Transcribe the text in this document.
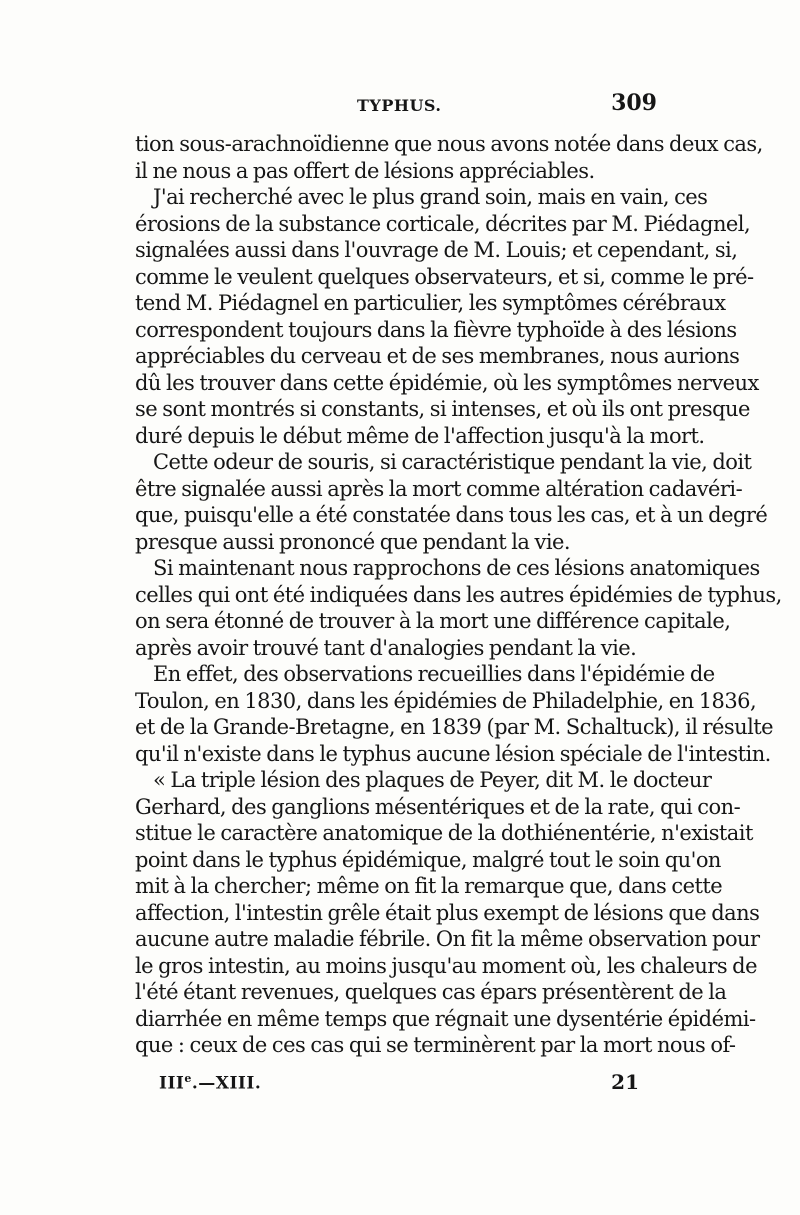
TYPHUS.	309
tion sous-arachnoïdienne que nous avons notée dans deux cas,
il ne nous a pas offert de lésions appréciables.
J'ai recherché avec le plus grand soin, mais en vain, ces
érosions de la substance corticale, décrites par M. Piédagnel,
signalées aussi dans l'ouvrage de M. Louis; et cependant, si,
comme le veulent quelques observateurs, et si, comme le pré-
tend M. Piédagnel en particulier, les symptômes cérébraux
correspondent toujours dans la fièvre typhoïde à des lésions
appréciables du cerveau et de ses membranes, nous aurions
dû les trouver dans cette épidémie, où les symptômes nerveux
se sont montrés si constants, si intenses, et où ils ont presque
duré depuis le début même de l'affection jusqu'à la mort.
Cette odeur de souris, si caractéristique pendant la vie, doit
être signalée aussi après la mort comme altération cadavéri-
que, puisqu'elle a été constatée dans tous les cas, et à un degré
presque aussi prononcé que pendant la vie.
Si maintenant nous rapprochons de ces lésions anatomiques
celles qui ont été indiquées dans les autres épidémies de typhus,
on sera étonné de trouver à la mort une différence capitale,
après avoir trouvé tant d'analogies pendant la vie.
En effet, des observations recueillies dans l'épidémie de
Toulon, en 1830, dans les épidémies de Philadelphie, en 1836,
et de la Grande-Bretagne, en 1839 (par M. Schaltuck), il résulte
qu'il n'existe dans le typhus aucune lésion spéciale de l'intestin.
« La triple lésion des plaques de Peyer, dit M. le docteur
Gerhard, des ganglions mésentériques et de la rate, qui con-
stitue le caractère anatomique de la dothiénentérie, n'existait
point dans le typhus épidémique, malgré tout le soin qu'on
mit à la chercher; même on fit la remarque que, dans cette
affection, l'intestin grêle était plus exempt de lésions que dans
aucune autre maladie fébrile. On fit la même observation pour
le gros intestin, au moins jusqu'au moment où, les chaleurs de
l'été étant revenues, quelques cas épars présentèrent de la
diarrhée en même temps que régnait une dysentérie épidémi-
que : ceux de ces cas qui se terminèrent par la mort nous of-
IIIe.—XIII.	21
